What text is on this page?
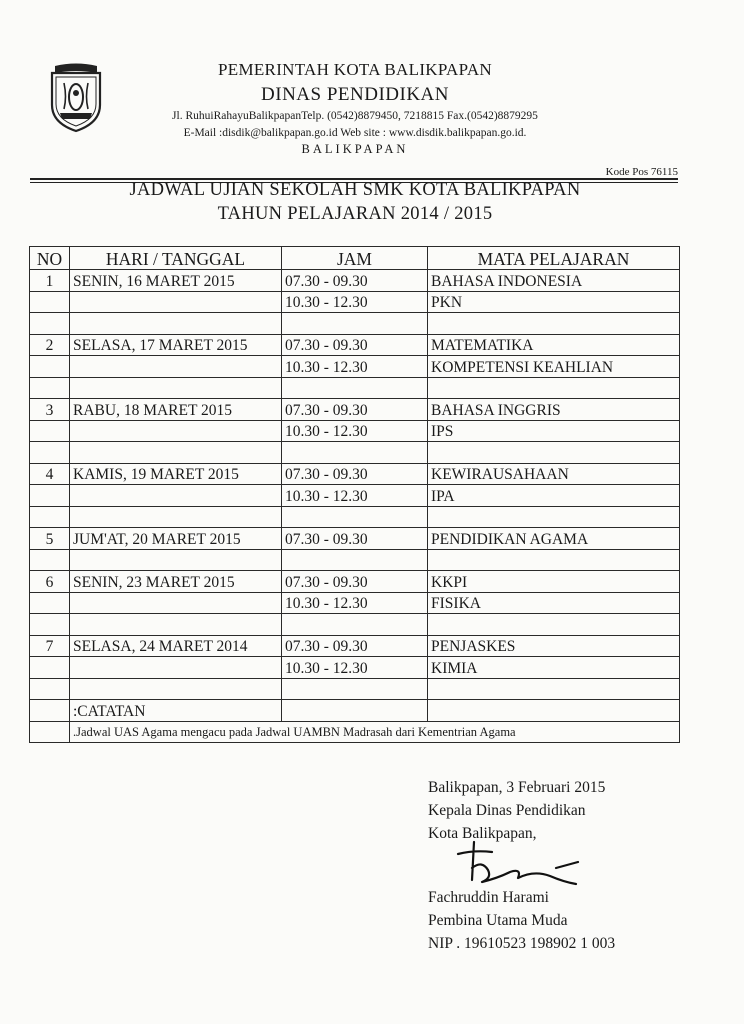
PEMERINTAH KOTA BALIKPAPAN
DINAS PENDIDIKAN
Jl. RuhuiRahayuBalikpapanTelp. (0542)8879450, 7218815 Fax.(0542)8879295
E-Mail :disdik@balikpapan.go.id Web site : www.disdik.balikpapan.go.id.
BALIKPAPAN
Kode Pos 76115
JADWAL UJIAN SEKOLAH SMK KOTA BALIKPAPAN
TAHUN PELAJARAN 2014 / 2015
NO	HARI / TANGGAL	JAM	MATA PELAJARAN
1	SENIN, 16 MARET 2015	07.30 - 09.30	BAHASA INDONESIA
		10.30 - 12.30	PKN

2	SELASA, 17 MARET 2015	07.30 - 09.30	MATEMATIKA
		10.30 - 12.30	KOMPETENSI KEAHLIAN

3	RABU, 18 MARET 2015	07.30 - 09.30	BAHASA INGGRIS
		10.30 - 12.30	IPS

4	KAMIS, 19 MARET 2015	07.30 - 09.30	KEWIRAUSAHAAN
		10.30 - 12.30	IPA

5	JUM'AT, 20 MARET 2015	07.30 - 09.30	PENDIDIKAN AGAMA

6	SENIN, 23 MARET 2015	07.30 - 09.30	KKPI
		10.30 - 12.30	FISIKA

7	SELASA, 24 MARET 2014	07.30 - 09.30	PENJASKES
		10.30 - 12.30	KIMIA

	:CATATAN		
	.Jadwal UAS Agama mengacu pada Jadwal UAMBN Madrasah dari Kementrian Agama		
Balikpapan, 3 Februari 2015
Kepala Dinas Pendidikan
Kota Balikpapan,
Fachruddin Harami
Pembina Utama Muda
NIP . 19610523 198902 1 003
